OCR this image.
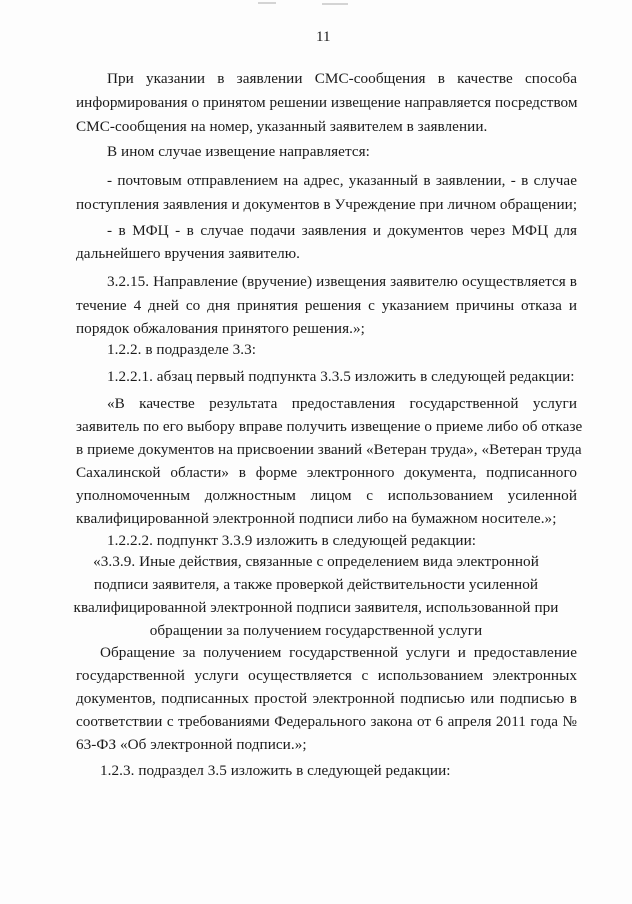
11
При указании в заявлении СМС-сообщения в качестве способа
информирования о принятом решении извещение направляется посредством
СМС-сообщения на номер, указанный заявителем в заявлении.
В ином случае извещение направляется:
- почтовым отправлением на адрес, указанный в заявлении, - в случае
поступления заявления и документов в Учреждение при личном обращении;
- в МФЦ - в случае подачи заявления и документов через МФЦ для
дальнейшего вручения заявителю.
3.2.15. Направление (вручение) извещения заявителю осуществляется в
течение 4 дней со дня принятия решения с указанием причины отказа и
порядок обжалования принятого решения.»;
1.2.2. в подразделе 3.3:
1.2.2.1. абзац первый подпункта 3.3.5 изложить в следующей редакции:
«В качестве результата предоставления государственной услуги
заявитель по его выбору вправе получить извещение о приеме либо об отказе
в приеме документов на присвоении званий «Ветеран труда», «Ветеран труда
Сахалинской области» в форме электронного документа, подписанного
уполномоченным должностным лицом с использованием усиленной
квалифицированной электронной подписи либо на бумажном носителе.»;
1.2.2.2. подпункт 3.3.9 изложить в следующей редакции:
«3.3.9. Иные действия, связанные с определением вида электронной
подписи заявителя, а также проверкой действительности усиленной
квалифицированной электронной подписи заявителя, использованной при
обращении за получением государственной услуги
Обращение за получением государственной услуги и предоставление
государственной услуги осуществляется с использованием электронных
документов, подписанных простой электронной подписью или подписью в
соответствии с требованиями Федерального закона от 6 апреля 2011 года №
63-ФЗ «Об электронной подписи.»;
1.2.3. подраздел 3.5 изложить в следующей редакции:
